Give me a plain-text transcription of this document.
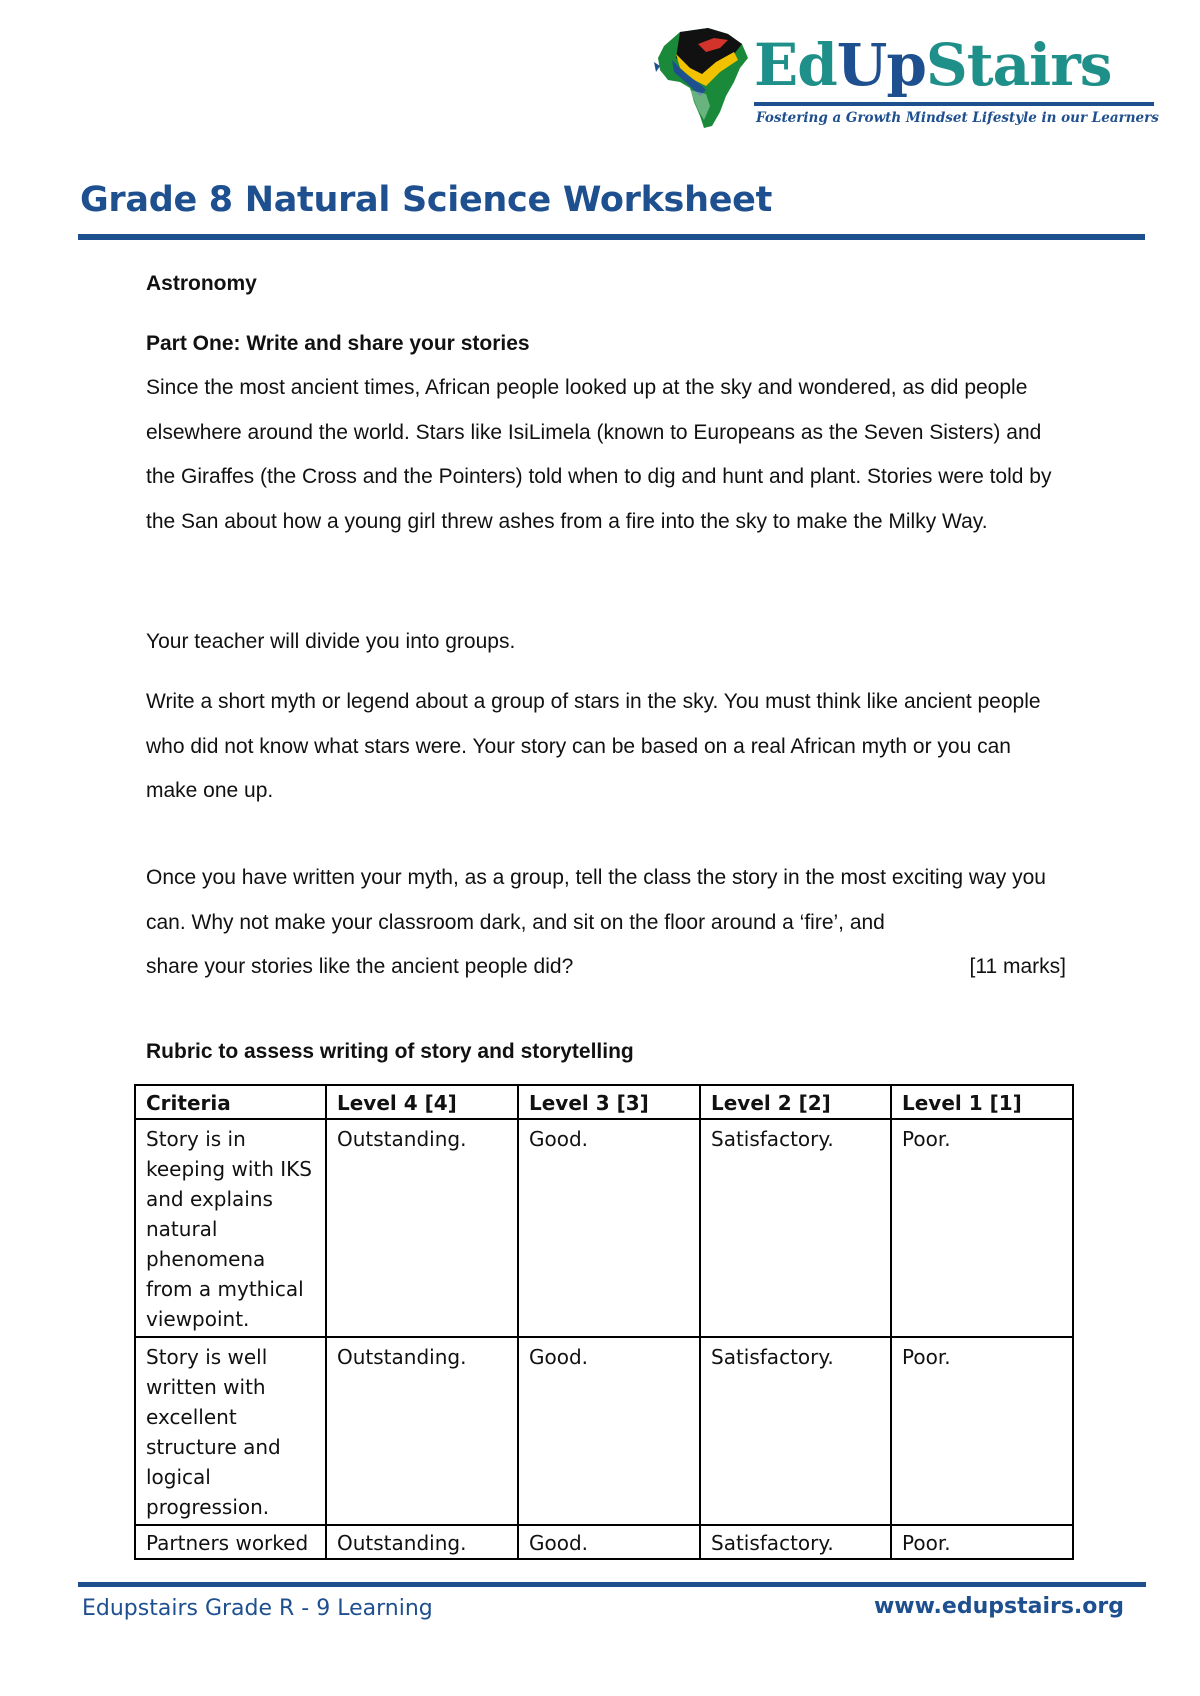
EdUpStairs
Fostering a Growth Mindset Lifestyle in our Learners
Grade 8 Natural Science Worksheet
Astronomy
Part One: Write and share your stories
Since the most ancient times, African people looked up at the sky and wondered, as did people elsewhere around the world. Stars like IsiLimela (known to Europeans as the Seven Sisters) and the Giraffes (the Cross and the Pointers) told when to dig and hunt and plant. Stories were told by the San about how a young girl threw ashes from a fire into the sky to make the Milky Way.
Your teacher will divide you into groups.
Write a short myth or legend about a group of stars in the sky. You must think like ancient people who did not know what stars were. Your story can be based on a real African myth or you can make one up.
Once you have written your myth, as a group, tell the class the story in the most exciting way you can. Why not make your classroom dark, and sit on the floor around a ‘fire’, and
share your stories like the ancient people did?	[11 marks]
Rubric to assess writing of story and storytelling
Criteria	Level 4 [4]	Level 3 [3]	Level 2 [2]	Level 1 [1]
Story is in keeping with IKS and explains natural phenomena from a mythical viewpoint.	Outstanding.	Good.	Satisfactory.	Poor.
Story is well written with excellent structure and logical progression.	Outstanding.	Good.	Satisfactory.	Poor.
Partners worked	Outstanding.	Good.	Satisfactory.	Poor.
Edupstairs Grade R - 9 Learning	www.edupstairs.org
